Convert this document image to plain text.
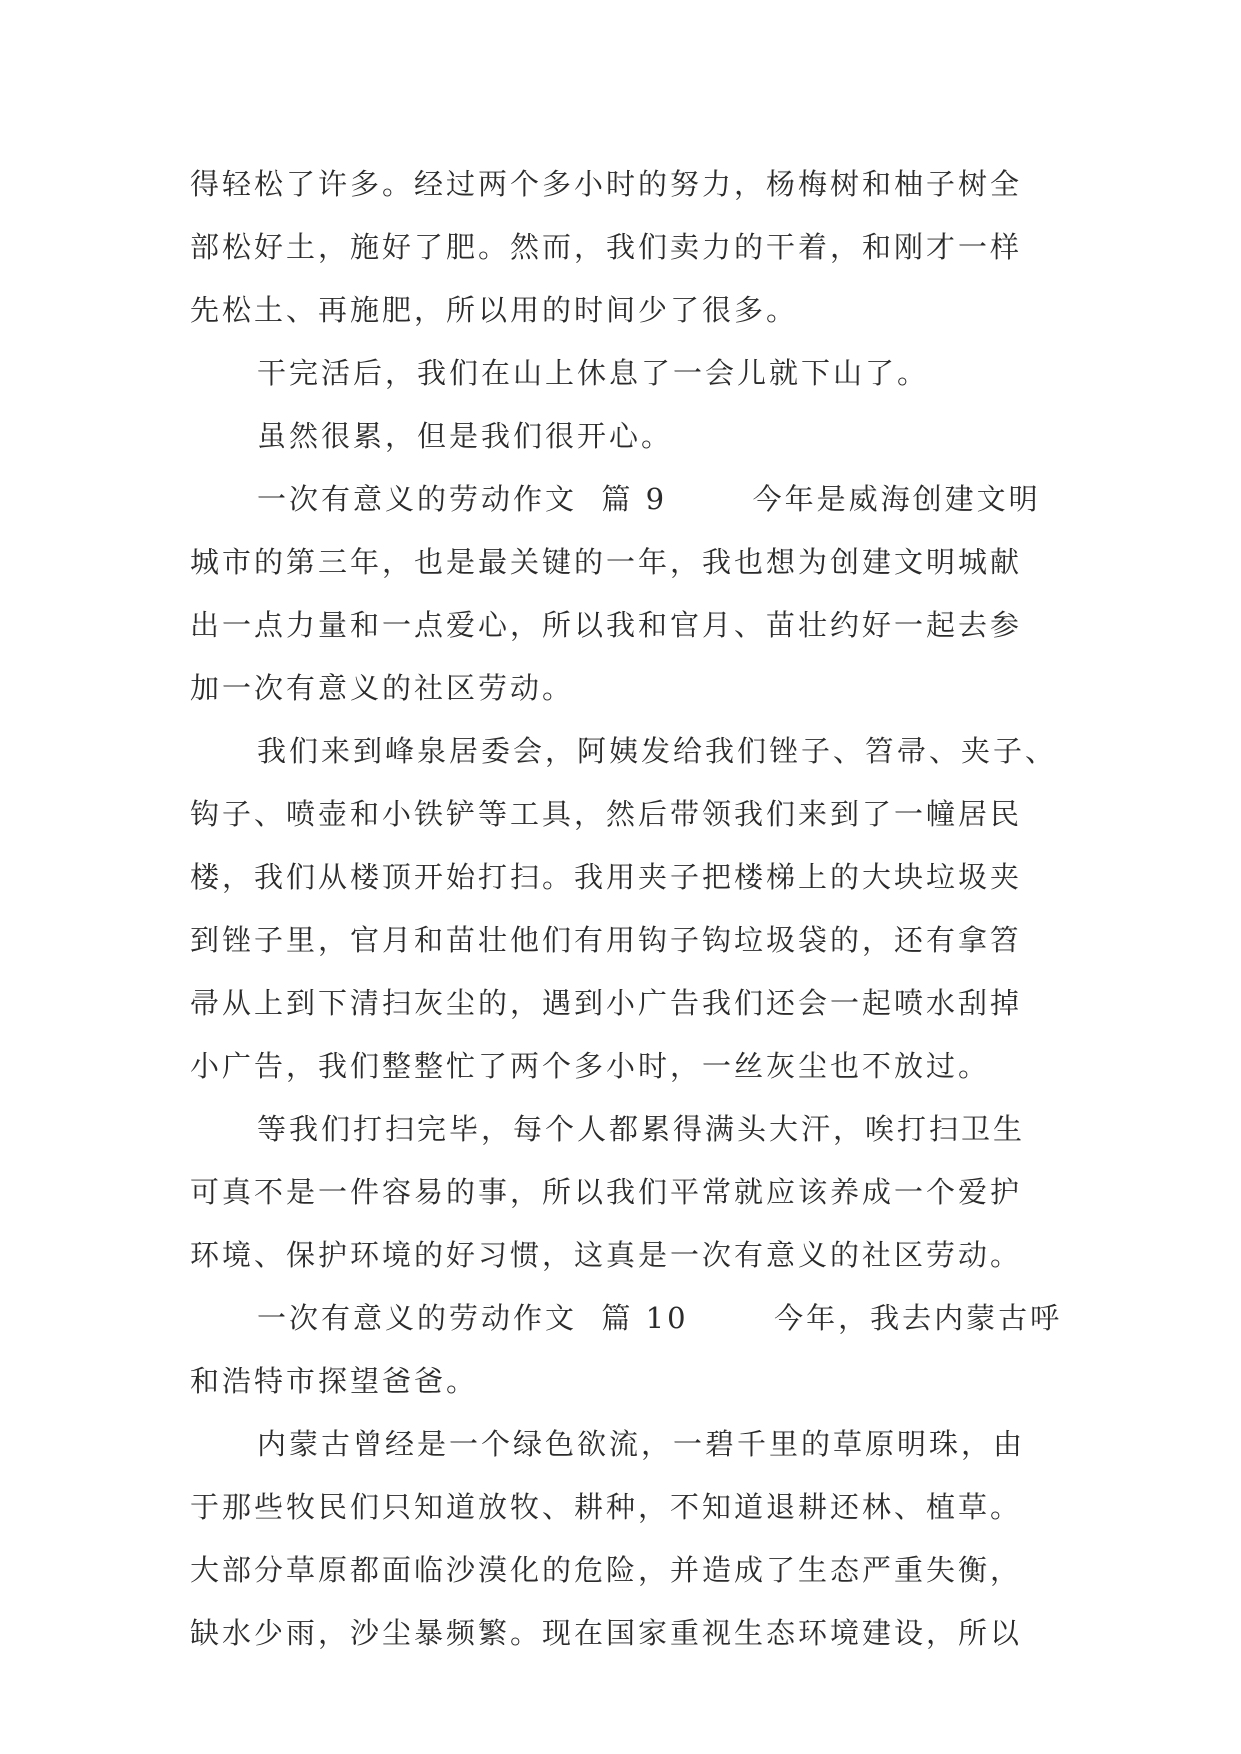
得轻松了许多。经过两个多小时的努力，杨梅树和柚子树全
部松好土，施好了肥。然而，我们卖力的干着，和刚才一样
先松土、再施肥，所以用的时间少了很多。
干完活后，我们在山上休息了一会儿就下山了。
虽然很累，但是我们很开心。
一次有意义的劳动作文  篇 9       今年是威海创建文明
城市的第三年，也是最关键的一年，我也想为创建文明城献
出一点力量和一点爱心，所以我和官月、苗壮约好一起去参
加一次有意义的社区劳动。
我们来到峰泉居委会，阿姨发给我们锉子、笤帚、夹子、
钩子、喷壶和小铁铲等工具，然后带领我们来到了一幢居民
楼，我们从楼顶开始打扫。我用夹子把楼梯上的大块垃圾夹
到锉子里，官月和苗壮他们有用钩子钩垃圾袋的，还有拿笤
帚从上到下清扫灰尘的，遇到小广告我们还会一起喷水刮掉
小广告，我们整整忙了两个多小时，一丝灰尘也不放过。
等我们打扫完毕，每个人都累得满头大汗，唉打扫卫生
可真不是一件容易的事，所以我们平常就应该养成一个爱护
环境、保护环境的好习惯，这真是一次有意义的社区劳动。
一次有意义的劳动作文  篇 10       今年，我去内蒙古呼
和浩特市探望爸爸。
内蒙古曾经是一个绿色欲流，一碧千里的草原明珠，由
于那些牧民们只知道放牧、耕种，不知道退耕还林、植草。
大部分草原都面临沙漠化的危险，并造成了生态严重失衡，
缺水少雨，沙尘暴频繁。现在国家重视生态环境建设，所以
